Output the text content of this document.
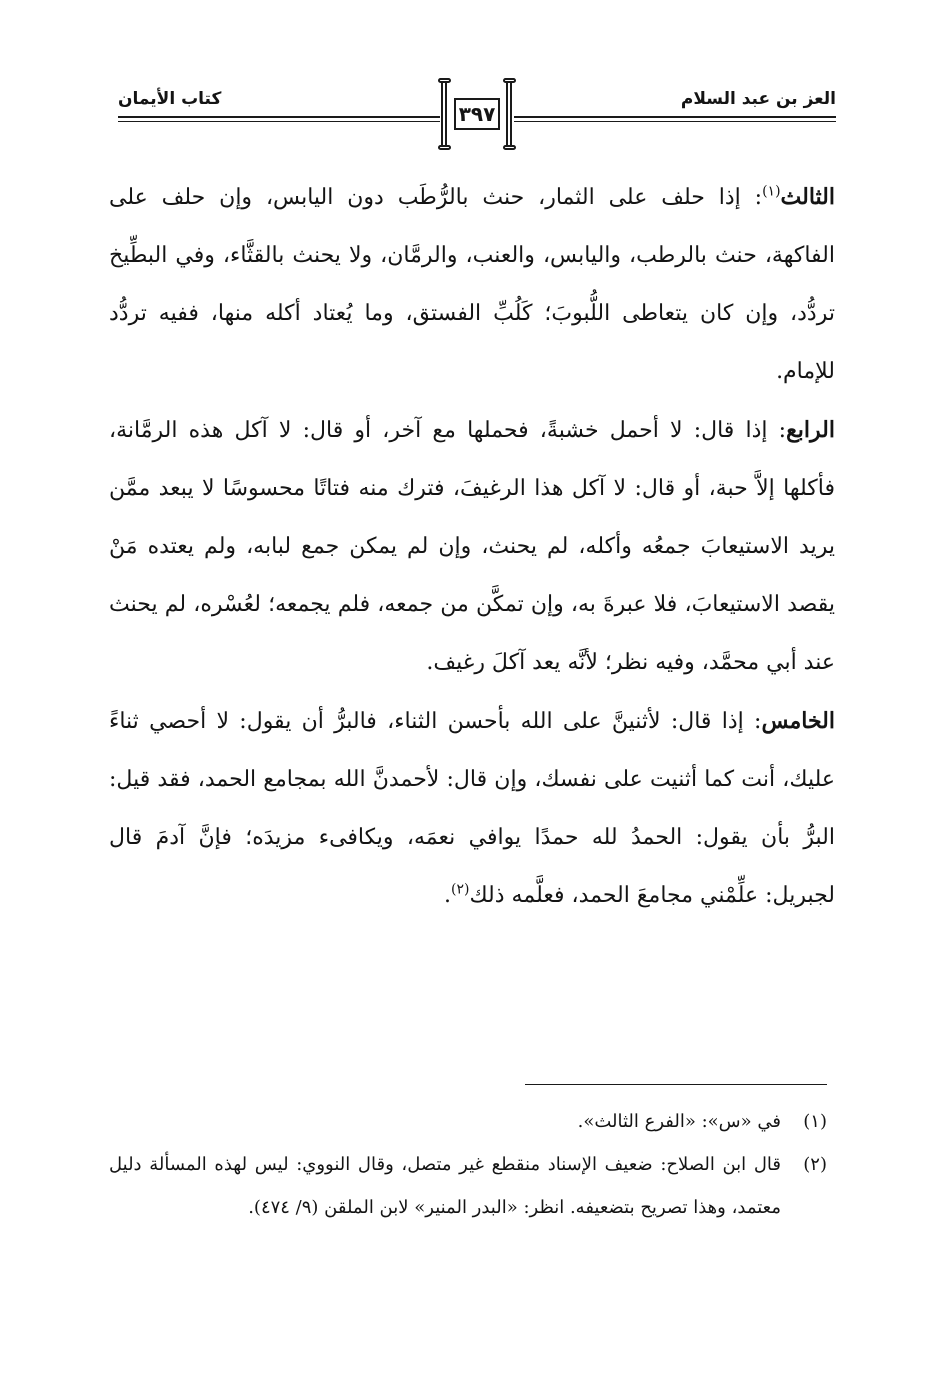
العز بن عبد السلام
كتاب الأيمان
٣٩٧

الثالث$^{(١)}$: إذا حلف على الثمار، حنث بالرُّطَب دون اليابس، وإن حلف على الفاكهة، حنث بالرطب، واليابس، والعنب، والرمَّان، ولا يحنث بالقثَّاء، وفي البطِّيخ تردُّد، وإن كان يتعاطى اللُّبوبَ؛ كَلُبِّ الفستق، وما يُعتاد أكله منها، ففيه تردُّد للإمام.

الرابع: إذا قال: لا أحمل خشبةً، فحملها مع آخر، أو قال: لا آكل هذه الرمَّانة، فأكلها إلاَّ حبة، أو قال: لا آكل هذا الرغيفَ، فترك منه فتاتًا محسوسًا لا يبعد ممَّن يريد الاستيعابَ جمعُه وأكله، لم يحنث، وإن لم يمكن جمع لبابه، ولم يعتده مَنْ يقصد الاستيعابَ، فلا عبرةَ به، وإن تمكَّن من جمعه، فلم يجمعه؛ لعُسْره، لم يحنث عند أبي محمَّد، وفيه نظر؛ لأنَّه يعد آكلَ رغيف.

الخامس: إذا قال: لأثنينَّ على الله بأحسن الثناء، فالبرُّ أن يقول: لا أحصي ثناءً عليك، أنت كما أثنيت على نفسك، وإن قال: لأحمدنَّ الله بمجامع الحمد، فقد قيل: البرُّ بأن يقول: الحمدُ لله حمدًا يوافي نعمَه، ويكافىء مزيدَه؛ فإنَّ آدمَ قال لجبريل: علِّمْني مجامعَ الحمد، فعلَّمه ذلك$^{(٢)}$.

(١)
في «س»: «الفرع الثالث».

(٢)
قال ابن الصلاح: ضعيف الإسناد منقطع غير متصل، وقال النووي: ليس لهذه المسألة دليل معتمد، وهذا تصريح بتضعيفه. انظر: «البدر المنير» لابن الملقن (٩/ ٤٧٤).
